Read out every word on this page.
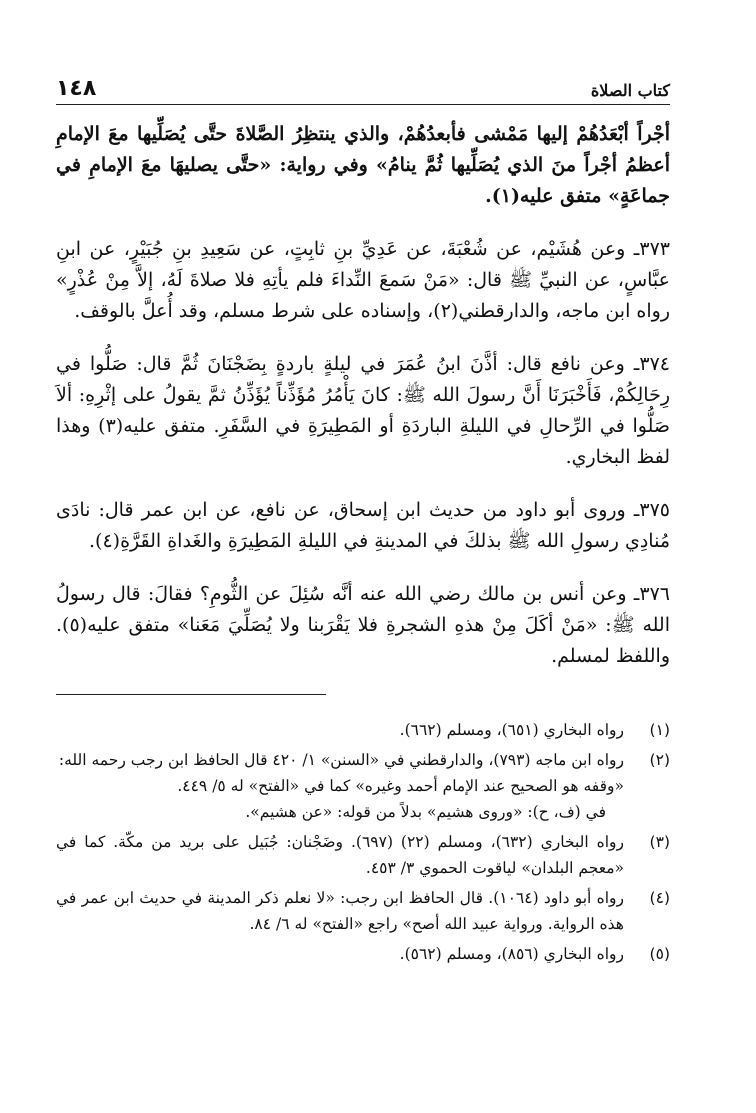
١٤٨	كتاب الصلاة

أجْراً أبْعَدُهُمْ إليها مَمْشى فأبعدُهُمْ، والذي ينتظِرُ الصَّلاةَ حتَّى يُصَلِّيها معَ الإمامِ أعظمُ أجْراً منَ الذي يُصَلِّيها ثُمَّ ينامُ» وفي رواية: «حتَّى يصليهَا معَ الإمامِ في جماعَةٍ» متفق عليه(١).

٣٧٣ـ وعن هُشَيْم، عن شُعْبَةَ، عن عَدِيِّ بنِ ثابِتٍ، عن سَعِيدِ بنِ جُبَيْرٍ، عن ابنِ عبَّاسٍ، عن النبيِّ ﷺ قال: «مَنْ سَمعَ النِّداءَ فلم يأتِهِ فلا صلاةَ لَهُ، إلاَّ مِنْ عُذْرٍ» رواه ابن ماجه، والدارقطني(٢)، وإسناده على شرط مسلم، وقد أُعلَّ بالوقف.

٣٧٤ـ وعن نافع قال: أذَّنَ ابنُ عُمَرَ في ليلةٍ باردةٍ بِضَجْنَانَ ثُمَّ قال: صَلُّوا في رِحَالِكُمْ، فَأَخْبَرَنَا أَنَّ رسولَ الله ﷺ: كانَ يَأْمُرُ مُؤَذِّناً يُؤَذِّنُ ثمَّ يقولُ على إثْرِهِ: ألاَ صَلُّوا في الرِّحالِ في الليلةِ الباردَةِ أو المَطِيرَةِ في السَّفَرِ. متفق عليه(٣) وهذا لفظ البخاري.

٣٧٥ـ وروى أبو داود من حديث ابن إسحاق، عن نافع، عن ابن عمر قال: نادَى مُنادِي رسولِ الله ﷺ بذلكَ في المدينةِ في الليلةِ المَطِيرَةِ والغَداةِ القَرَّةِ(٤).

٣٧٦ـ وعن أنس بن مالك رضي الله عنه أنَّه سُئِلَ عن الثُّومِ؟ فقالَ: قال رسولُ الله ﷺ: «مَنْ أكَلَ مِنْ هذهِ الشجرةِ فلا يَقْرَبنا ولا يُصَلِّيَ مَعَنا» متفق عليه(٥). واللفظ لمسلم.

(١)
رواه البخاري (٦٥١)، ومسلم (٦٦٢).
(٢)
رواه ابن ماجه (٧٩٣)، والدارقطني في «السنن» ١/ ٤٢٠ قال الحافظ ابن رجب رحمه الله:
«وقفه هو الصحيح عند الإمام أحمد وغيره» كما في «الفتح» له ٥/ ٤٤٩.
في (ف، ح): «وروى هشيم» بدلاً من قوله: «عن هشيم».
(٣)
رواه البخاري (٦٣٢)، ومسلم (٢٢) (٦٩٧). وضَجْنان: جُبَيل على بريد من مكّة. كما في «معجم البلدان» لياقوت الحموي ٣/ ٤٥٣.
(٤)
رواه أبو داود (١٠٦٤). قال الحافظ ابن رجب: «لا نعلم ذكر المدينة في حديث ابن عمر في هذه الرواية. ورواية عبيد الله أصح» راجع «الفتح» له ٦/ ٨٤.
(٥)
رواه البخاري (٨٥٦)، ومسلم (٥٦٢).
